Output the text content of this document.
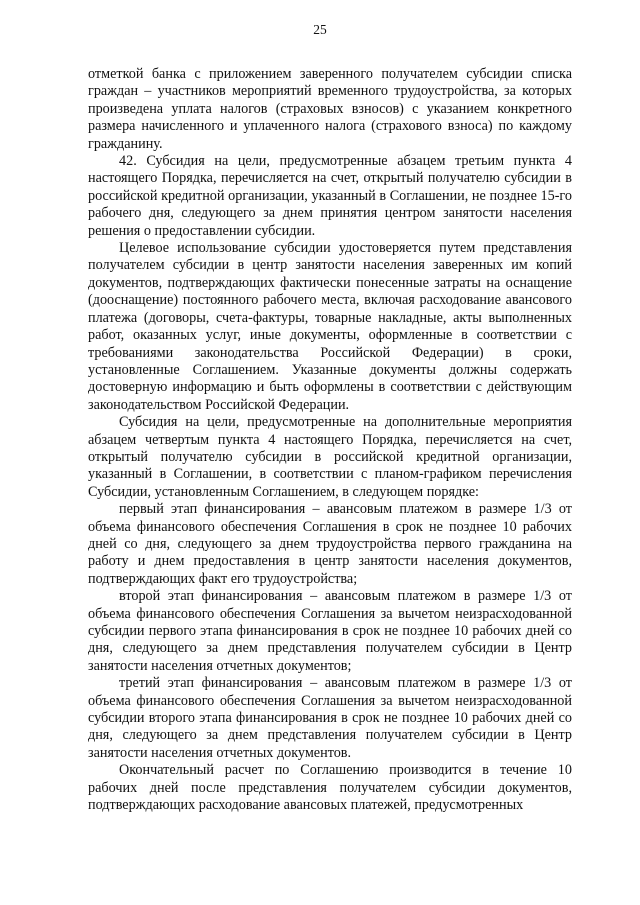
25

отметкой банка с приложением заверенного получателем субсидии списка граждан – участников мероприятий временного трудоустройства, за которых произведена уплата налогов (страховых взносов) с указанием конкретного размера начисленного и уплаченного налога (страхового взноса) по каждому гражданину.

42. Субсидия на цели, предусмотренные абзацем третьим пункта 4 настоящего Порядка, перечисляется на счет, открытый получателю субсидии в российской кредитной организации, указанный в Соглашении, не позднее 15-го рабочего дня, следующего за днем принятия центром занятости населения решения о предоставлении субсидии.

Целевое использование субсидии удостоверяется путем представления получателем субсидии в центр занятости населения заверенных им копий документов, подтверждающих фактически понесенные затраты на оснащение (дооснащение) постоянного рабочего места, включая расходование авансового платежа (договоры, счета-фактуры, товарные накладные, акты выполненных работ, оказанных услуг, иные документы, оформленные в соответствии с требованиями законодательства Российской Федерации) в сроки, установленные Соглашением. Указанные документы должны содержать достоверную информацию и быть оформлены в соответствии с действующим законодательством Российской Федерации.

Субсидия на цели, предусмотренные на дополнительные мероприятия абзацем четвертым пункта 4 настоящего Порядка, перечисляется на счет, открытый получателю субсидии в российской кредитной организации, указанный в Соглашении, в соответствии с планом-графиком перечисления Субсидии, установленным Соглашением, в следующем порядке:

первый этап финансирования – авансовым платежом в размере 1/3 от объема финансового обеспечения Соглашения в срок не позднее 10 рабочих дней со дня, следующего за днем трудоустройства первого гражданина на работу и днем предоставления в центр занятости населения документов, подтверждающих факт его трудоустройства;

второй этап финансирования – авансовым платежом в размере 1/3 от объема финансового обеспечения Соглашения за вычетом неизрасходованной субсидии первого этапа финансирования в срок не позднее 10 рабочих дней со дня, следующего за днем представления получателем субсидии в Центр занятости населения отчетных документов;

третий этап финансирования – авансовым платежом в размере 1/3 от объема финансового обеспечения Соглашения за вычетом неизрасходованной субсидии второго этапа финансирования в срок не позднее 10 рабочих дней со дня, следующего за днем представления получателем субсидии в Центр занятости населения отчетных документов.

Окончательный расчет по Соглашению производится в течение 10 рабочих дней после представления получателем субсидии документов, подтверждающих расходование авансовых платежей, предусмотренных
